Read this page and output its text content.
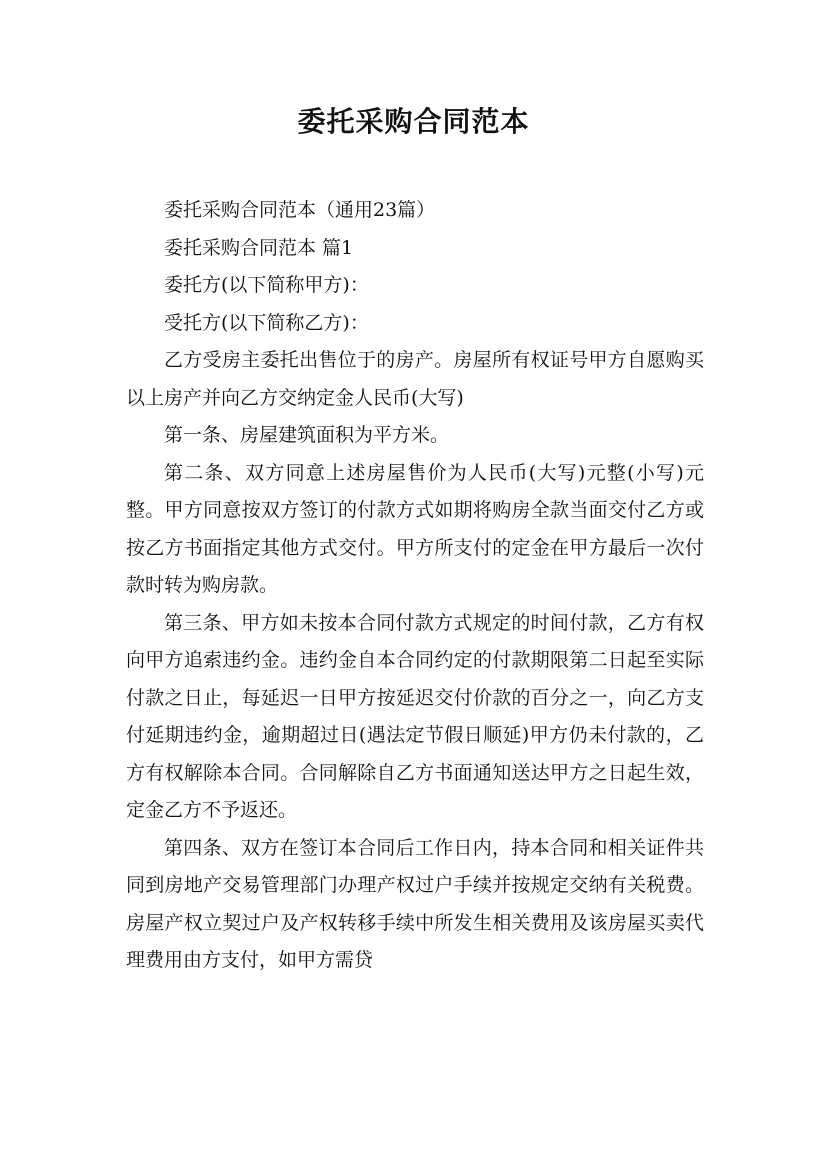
委托采购合同范本

委托采购合同范本（通用23篇）

委托采购合同范本 篇1

委托方(以下简称甲方)：

受托方(以下简称乙方)：

乙方受房主委托出售位于的房产。房屋所有权证号甲方自愿购买以上房产并向乙方交纳定金人民币(大写)

第一条、房屋建筑面积为平方米。

第二条、双方同意上述房屋售价为人民币(大写)元整(小写)元整。甲方同意按双方签订的付款方式如期将购房全款当面交付乙方或按乙方书面指定其他方式交付。甲方所支付的定金在甲方最后一次付款时转为购房款。

第三条、甲方如未按本合同付款方式规定的时间付款，乙方有权向甲方追索违约金。违约金自本合同约定的付款期限第二日起至实际付款之日止，每延迟一日甲方按延迟交付价款的百分之一，向乙方支付延期违约金，逾期超过日(遇法定节假日顺延)甲方仍未付款的，乙方有权解除本合同。合同解除自乙方书面通知送达甲方之日起生效，定金乙方不予返还。

第四条、双方在签订本合同后工作日内，持本合同和相关证件共同到房地产交易管理部门办理产权过户手续并按规定交纳有关税费。房屋产权立契过户及产权转移手续中所发生相关费用及该房屋买卖代理费用由方支付，如甲方需贷
